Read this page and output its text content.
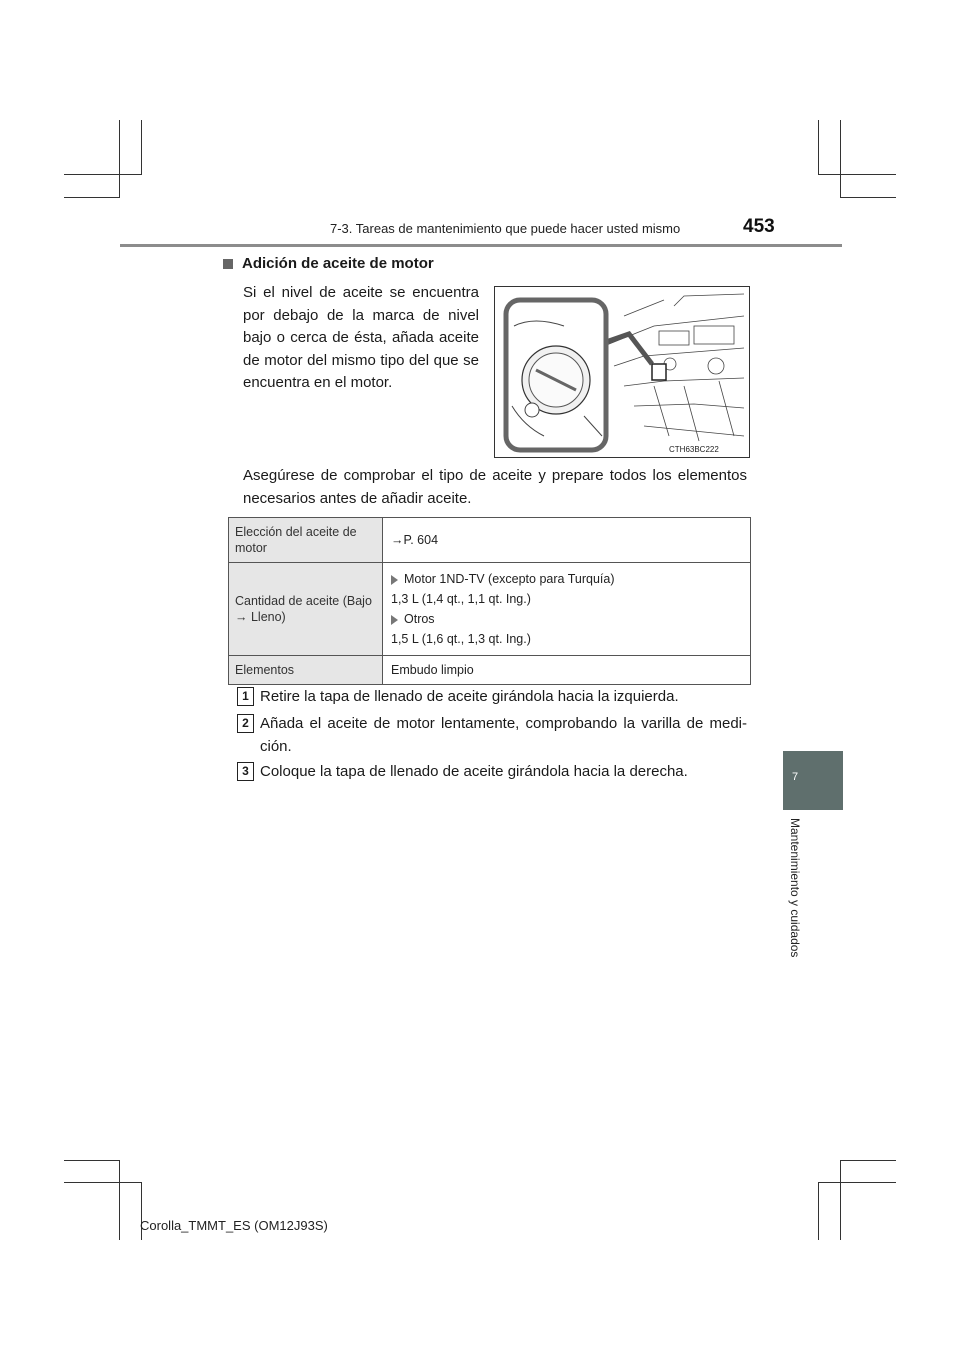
7-3. Tareas de mantenimiento que puede hacer usted mismo	453
7
Mantenimiento y cuidados
Adición de aceite de motor
Si el nivel de aceite se encuentra por debajo de la marca de nivel bajo o cerca de ésta, añada aceite de motor del mismo tipo del que se encuentra en el motor.
CTH63BC222
Asegúrese de comprobar el tipo de aceite y prepare todos los elementos necesarios antes de añadir aceite.
Elección del aceite de motor	→P. 604
Cantidad de aceite (Bajo → Lleno)	Motor 1ND-TV (excepto para Turquía)
1,3 L (1,4 qt., 1,1 qt. Ing.)
Otros
1,5 L (1,6 qt., 1,3 qt. Ing.)

Elementos	Embudo limpio
1 Retire la tapa de llenado de aceite girándola hacia la izquierda.
2 Añada el aceite de motor lentamente, comprobando la varilla de medi-ción.
3 Coloque la tapa de llenado de aceite girándola hacia la derecha.
Corolla_TMMT_ES (OM12J93S)
